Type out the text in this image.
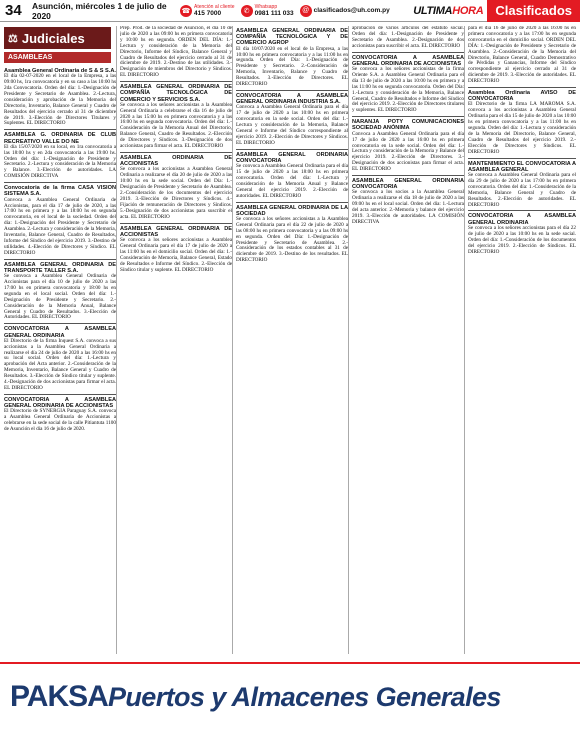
34	Asunción, miércoles 1 de julio de 2020	☎
Atención al cliente
415 7000	✆
Whatsapp
0981 111 033	@ clasificados@uh.com.py ULTIMAHORA Clasificados
⚖ Judiciales
ASAMBLEAS
Asamblea General Ordinaria de S & S S.A.

El día 02-07-2020 en el local de la Empresa, a las 09:00 hs, 1ra convocatoria y en su caso a las 10:00 hs 2da Convocatoria. Orden del día: 1.-Designación de Presidente y Secretario de Asamblea. 2.-Lectura, consideración y aprobación de la Memoria del Directorio, Inventario, Balance General y Cuadro de Resultados del ejercicio cerrado al 31 de diciembre de 2019. 3.-Elección de Directores Titulares y Suplentes. EL DIRECTORIO

ASAMBLEA G. ORDINARIA DE CLUB RECREATIVO VALLE DO NE

El día 15/07/2020 en su local, en 1ra convocatoria a las 18:00 hs y en 2da convocatoria a las 19:00 hs. Orden del día: 1.-Designación de Presidente y Secretario. 2.-Lectura y consideración de la Memoria y Balance. 3.-Elección de autoridades. LA COMISIÓN DIRECTIVA

Convocatoria de la firma CASA VISION SISTEMA S.A.

Convoca a Asamblea General Ordinaria de Accionistas, para el día 17 de julio de 2020, a las 17:00 hs en primera y a las 18:00 hs en segunda convocatoria, en el local de la sociedad. Orden del día: 1.-Designación del Presidente y Secretario de Asamblea. 2.-Lectura y consideración de la Memoria, Inventario, Balance General, Cuadro de Resultados, Informe del Síndico del ejercicio 2019. 3.-Destino de utilidades. 4.-Elección de Directores y Síndico. EL DIRECTORIO

ASAMBLEA GENERAL ORDINARIA DE TRANSPORTE TALLER S.A.

Se convoca a Asamblea General Ordinaria de Accionistas para el día 10 de julio de 2020 a las 17:00 hs en primera convocatoria y 18:00 hs en segunda en el local social. Orden del día: 1.-Designación de Presidente y Secretario. 2.-Consideración de la Memoria Anual, Balance General y Cuadro de Resultados. 3.-Elección de Autoridades. EL DIRECTORIO

CONVOCATORIA A ASAMBLEA GENERAL ORDINARIA

El Directorio de la firma Inquest S.A. convoca a sus accionistas a la Asamblea General Ordinaria a realizarse el día 24 de julio de 2020 a las 16:00 hs en su local social. Orden del día: 1.-Lectura y aprobación del Acta anterior. 2.-Consideración de la Memoria, Inventario, Balance General y Cuadro de Resultados. 3.-Elección de Síndico titular y suplente. 4.-Designación de dos accionistas para firmar el acta. EL DIRECTORIO

CONVOCATORIA A ASAMBLEA GENERAL ORDINARIA DE ACCIONISTAS

El Directorio de SYNERGIA Paraguay S.A. convoca a Asamblea General Ordinaria de Accionistas a celebrarse en la sede social de la calle Pitiantuta 1100 de Asunción el día 16 de julio de 2020.

Prep. Prod. de la sociedad de Asunción, el día 10 de julio de 2020 a las 09:00 hs en primera convocatoria y 10:00 hs en segunda. ORDEN DEL DÍA: 1.-Lectura y consideración de la Memoria del Directorio, Informe del Síndico, Balance General y Cuadro de Resultados del ejercicio cerrado al 31 de diciembre de 2019. 2.-Destino de las utilidades. 3.-Designación de miembros del Directorio y Síndicos. EL DIRECTORIO

ASAMBLEA GENERAL ORDINARIA DE COMPAÑÍA TECNOLÓGICA DE COMERCIO Y SERVICIOS S.A.

Se convoca a los señores accionistas a la Asamblea General Ordinaria a celebrarse el día 16 de julio de 2020 a las 15:00 hs en primera convocatoria y a las 16:00 hs en segunda convocatoria. Orden del día: 1.-Consideración de la Memoria Anual del Directorio, Balance General, Cuadro de Resultados. 2.-Elección de Directores y Síndicos. 3.-Designación de dos accionistas para firmar el acta. EL DIRECTORIO

ASAMBLEA ORDINARIA DE ACCIONISTAS

Se convoca a los accionistas a Asamblea General Ordinaria a realizarse el día 20 de julio de 2020 a las 10:00 hs en la sede social. Orden del Día: 1.-Designación de Presidente y Secretario de Asamblea. 2.-Consideración de los documentos del ejercicio 2019. 3.-Elección de Directores y Síndicos. 4.-Fijación de remuneración de Directores y Síndicos. 5.-Designación de dos accionistas para suscribir el acta. EL DIRECTORIO

ASAMBLEA GENERAL ORDINARIA DE ACCIONISTAS

Se convoca a los señores accionistas a Asamblea General Ordinaria para el día 17 de julio de 2020 a las 11:00 hs en el domicilio social. Orden del día: 1.-Consideración de Memoria, Balance General, Estado de Resultados e Informe del Síndico. 2.-Elección de Síndico titular y suplente. EL DIRECTORIO

ASAMBLEA GENERAL ORDINARIA DE COMPAÑÍA TECNOLÓGICA Y DE COMERCIO AGROP

El día 10/07/2020 en el local de la Empresa, a las 10:00 hs en primera convocatoria y a las 11:00 hs en segunda. Orden del Día: 1.-Designación de Presidente y Secretario. 2.-Consideración de Memoria, Inventario, Balance y Cuadro de Resultados. 3.-Elección de Directores. EL DIRECTORIO

CONVOCATORIA A ASAMBLEA GENERAL ORDINARIA INDUSTRIA S.A.

Convoca a Asamblea General Ordinaria para el día 17 de julio de 2020 a las 10:00 hs en primera convocatoria en la sede social. Orden del día: 1.-Lectura y consideración de la Memoria, Balance General e Informe del Síndico correspondiente al ejercicio 2019. 2.-Elección de Directores y Síndicos. EL DIRECTORIO

ASAMBLEA GENERAL ORDINARIA CONVOCATORIA

Se convoca a Asamblea General Ordinaria para el día 15 de julio de 2020 a las 18:00 hs en primera convocatoria. Orden del día: 1.-Lectura y consideración de la Memoria Anual y Balance General del ejercicio 2019. 2.-Elección de autoridades. EL DIRECTORIO

ASAMBLEA GENERAL ORDINARIA DE LA SOCIEDAD

Se convoca a los señores accionistas a la Asamblea General Ordinaria para el día 22 de julio de 2020 a las 08:00 hs en primera convocatoria y a las 09:00 hs en segunda. Orden del Día: 1.-Designación de Presidente y Secretario de Asamblea. 2.-Consideración de los estados contables al 31 de diciembre de 2019. 3.-Destino de los resultados. EL DIRECTORIO

aprobación de varios artículos del estatuto social. Orden del día: 1.-Designación de Presidente y Secretario de Asamblea. 2.-Designación de dos accionistas para suscribir el acta. EL DIRECTORIO

CONVOCATORIA A ASAMBLEA GENERAL ORDINARIA DE ACCIONISTAS

Se convoca a los señores accionistas de la firma Oriente S.A. a Asamblea General Ordinaria para el día 13 de julio de 2020 a las 10:00 hs en primera y a las 11:00 hs en segunda convocatoria. Orden del Día: 1.-Lectura y consideración de la Memoria, Balance General, Cuadro de Resultados e Informe del Síndico del ejercicio 2019. 2.-Elección de Directores titulares y suplentes. EL DIRECTORIO

NARANJA POTY COMUNICACIONES SOCIEDAD ANÓNIMA

Convoca a Asamblea General Ordinaria para el día 17 de julio de 2020 a las 16:00 hs en primera convocatoria en la sede social. Orden del día: 1.-Lectura y consideración de la Memoria y Balance del ejercicio 2019. 2.-Elección de Directores. 3.-Designación de dos accionistas para firmar el acta. EL DIRECTORIO

ASAMBLEA GENERAL ORDINARIA CONVOCATORIA

Se convoca a los socios a la Asamblea General Ordinaria a realizarse el día 18 de julio de 2020 a las 09:00 hs en el local social. Orden del día: 1.-Lectura del acta anterior. 2.-Memoria y balance del ejercicio 2019. 3.-Elección de autoridades. LA COMISIÓN DIRECTIVA

para el día 16 de julio de 2020 a las 16:00 hs en primera convocatoria y a las 17:00 hs en segunda convocatoria en el domicilio social. ORDEN DEL DÍA: 1.-Designación de Presidente y Secretario de Asamblea. 2.-Consideración de la Memoria del Directorio, Balance General, Cuadro Demostrativo de Pérdidas y Ganancias, Informe del Síndico correspondiente al ejercicio cerrado al 31 de diciembre de 2019. 3.-Elección de autoridades. EL DIRECTORIO

Asamblea Ordinaria AVISO DE CONVOCATORIA

El Directorio de la firma LA MAROMA S.A. convoca a los accionistas a Asamblea General Ordinaria para el día 15 de julio de 2020 a las 10:00 hs en primera convocatoria y a las 11:00 hs en segunda. Orden del día: 1.-Lectura y consideración de la Memoria del Directorio, Balance General, Cuadro de Resultados del ejercicio 2019. 2.-Elección de Directores y Síndicos. EL DIRECTORIO

MANTENIMIENTO EL CONVOCATORIA A ASAMBLEA GENERAL

Se convoca a Asamblea General Ordinaria para el día 29 de julio de 2020 a las 17:00 hs en primera convocatoria. Orden del día: 1.-Consideración de la Memoria, Balance General y Cuadro de Resultados. 2.-Elección de autoridades. EL DIRECTORIO

CONVOCATORIA A ASAMBLEA GENERAL ORDINARIA

Se convoca a los señores accionistas para el día 22 de julio de 2020 a las 10:00 hs en la sede social. Orden del día: 1.-Consideración de los documentos del ejercicio 2019. 2.-Elección de Síndicos. EL DIRECTORIO

PAKSA Puertos y Almacenes Generales
